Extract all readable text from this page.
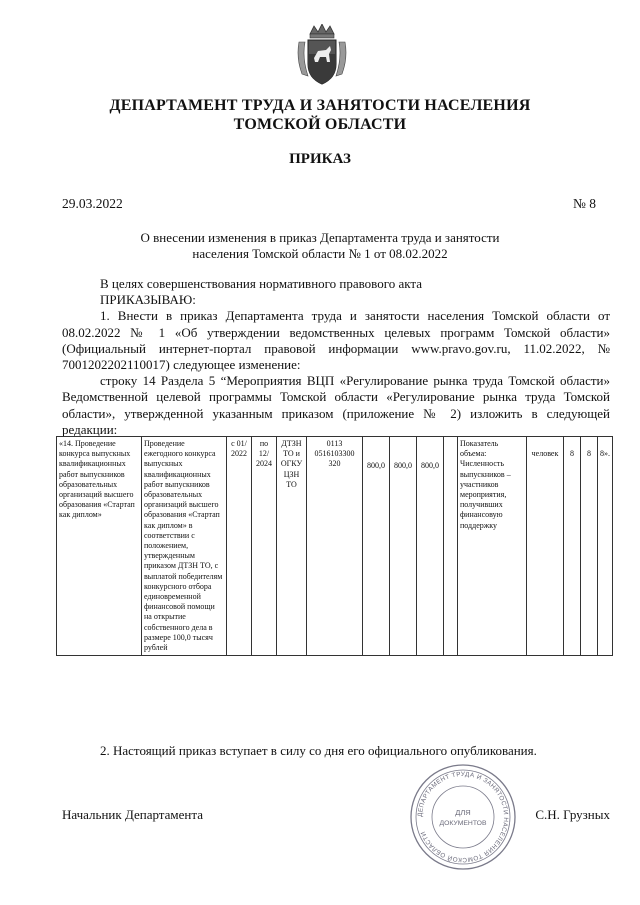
ДЕПАРТАМЕНТ ТРУДА И ЗАНЯТОСТИ НАСЕЛЕНИЯ
ТОМСКОЙ ОБЛАСТИ
ПРИКАЗ
29.03.2022	№ 8
О внесении изменения в приказ Департамента труда и занятости
населения Томской области № 1 от 08.02.2022

В целях совершенствования нормативного правового акта

ПРИКАЗЫВАЮ:

1. Внести в приказ Департамента труда и занятости населения Томской области от 08.02.2022 № 1 «Об утверждении ведомственных целевых программ Томской области» (Официальный интернет-портал правовой информации www.pravo.gov.ru, 11.02.2022, № 7001202202110017) следующее изменение:

строку 14 Раздела 5 “Мероприятия ВЦП «Регулирование рынка труда Томской области» Ведомственной целевой программы Томской области «Регулирование рынка труда Томской области», утвержденной указанным приказом (приложение № 2) изложить в следующей редакции:

«14. Проведение конкурса выпускных квалификационных работ выпускников образовательных организаций высшего образования «Стартап как диплом»	Проведение ежегодного конкурса выпускных квалификационных работ выпускников образовательных организаций высшего образования «Стартап как диплом» в соответствии с положением, утвержденным приказом ДТЗН ТО, с выплатой победителям конкурсного отбора единовременной финансовой помощи на открытие собственного дела в размере 100,0 тысяч рублей	с 01/ 2022	по 12/ 2024	ДТЗН ТО и ОГКУ ЦЗН ТО	0113 0516103300 320	800,0	800,0	800,0		Показатель объема: Численность выпускников – участников мероприятия, получивших финансовую поддержку	человек	8	8	8».
2. Настоящий приказ вступает в силу со дня его официального опубликования.
Начальник Департамента	С.Н. Грузных
ДЕПАРТАМЕНТ ТРУДА И ЗАНЯТОСТИ НАСЕЛЕНИЯ ТОМСКОЙ ОБЛАСТИ
ДЛЯ
ДОКУМЕНТОВ
